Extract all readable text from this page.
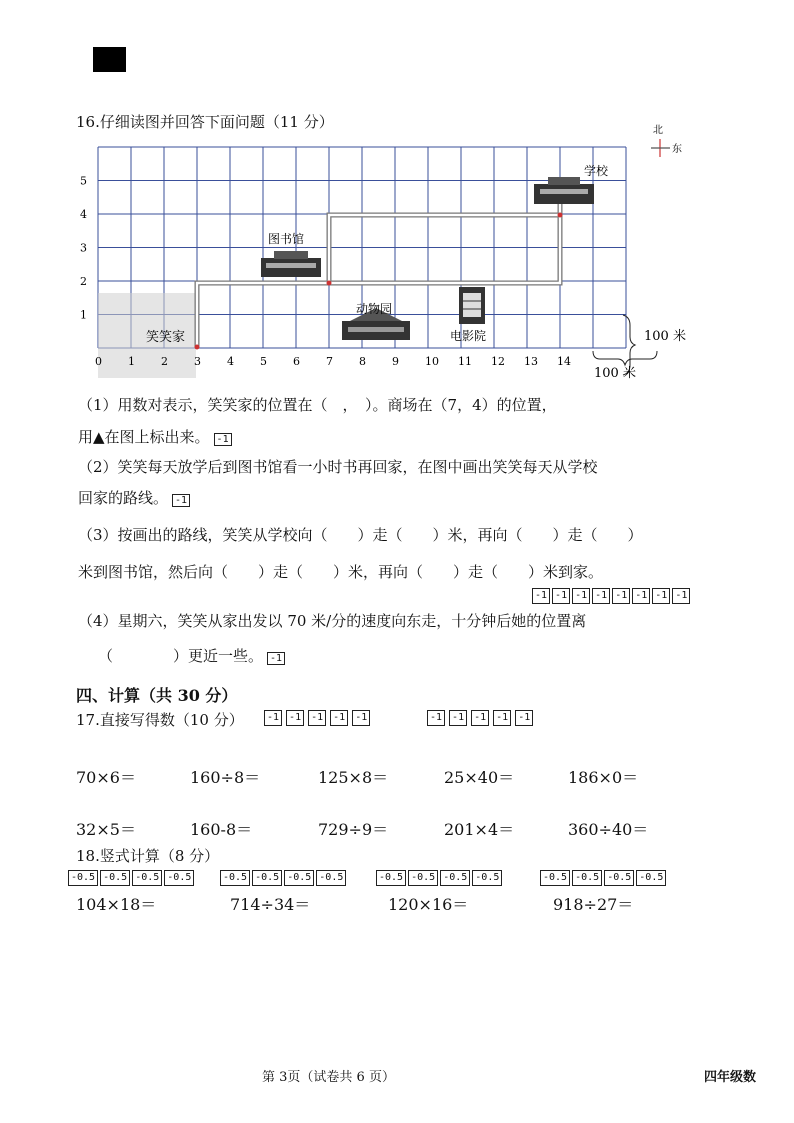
16.仔细读图并回答下面问题（11 分）	北
东
学校
图书馆
动物园
电影院
笑笑家	100 米
100 米
0 1 2 3 4 5 6 7 8 9 10 11 12 13 14
1
2
3
4
5
（1）用数对表示，笑笑家的位置在（　，　）。商场在（7，4）的位置，
用▲在图上标出来。 -1
（2）笑笑每天放学后到图书馆看一小时书再回家，在图中画出笑笑每天从学校
回家的路线。 -1
（3）按画出的路线，笑笑从学校向（　　）走（　　）米，再向（　　）走（　　）
米到图书馆，然后向（　　）走（　　）米，再向（　　）走（　　）米到家。
-1 -1 -1 -1 -1 -1 -1 -1
（4）星期六，笑笑从家出发以 70 米/分的速度向东走，十分钟后她的位置离
（　　　　）更近一些。 -1
四、计算（共 30 分）
17.直接写得数（10 分）	-1	-1	-1	-1	-1	-1	-1	-1	-1	-1
70×6＝	160÷8＝	125×8＝	25×40＝	186×0＝
32×5＝	160-8＝	729÷9＝	201×4＝	360÷40＝
18.竖式计算（8 分）
-0.5 -0.5 -0.5 -0.5	-0.5 -0.5 -0.5 -0.5	-0.5 -0.5 -0.5 -0.5	-0.5 -0.5 -0.5 -0.5
104×18＝	714÷34＝	120×16＝	918÷27＝
第 3页（试卷共 6 页）	四年级数
